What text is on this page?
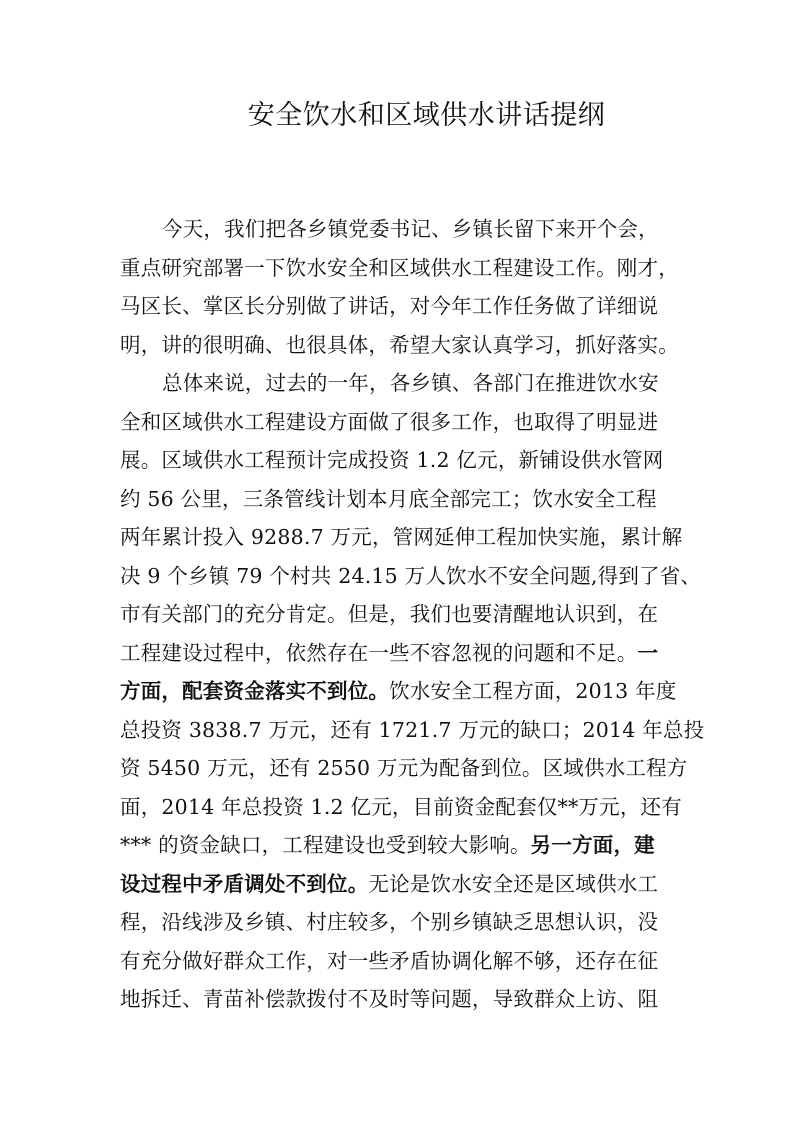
安全饮水和区域供水讲话提纲
今天，我们把各乡镇党委书记、乡镇长留下来开个会，
重点研究部署一下饮水安全和区域供水工程建设工作。刚才，
马区长、掌区长分别做了讲话，对今年工作任务做了详细说
明，讲的很明确、也很具体，希望大家认真学习，抓好落实。
总体来说，过去的一年，各乡镇、各部门在推进饮水安
全和区域供水工程建设方面做了很多工作，也取得了明显进
展。区域供水工程预计完成投资 1.2 亿元，新铺设供水管网
约 56 公里，三条管线计划本月底全部完工；饮水安全工程
两年累计投入 9288.7 万元，管网延伸工程加快实施，累计解
决 9 个乡镇 79 个村共 24.15 万人饮水不安全问题,得到了省、
市有关部门的充分肯定。但是，我们也要清醒地认识到，在
工程建设过程中，依然存在一些不容忽视的问题和不足。一
方面，配套资金落实不到位。饮水安全工程方面，2013 年度
总投资 3838.7 万元，还有 1721.7 万元的缺口；2014 年总投
资 5450 万元，还有 2550 万元为配备到位。区域供水工程方
面，2014 年总投资 1.2 亿元，目前资金配套仅**万元，还有
*** 的资金缺口，工程建设也受到较大影响。另一方面，建
设过程中矛盾调处不到位。无论是饮水安全还是区域供水工
程，沿线涉及乡镇、村庄较多，个别乡镇缺乏思想认识，没
有充分做好群众工作，对一些矛盾协调化解不够，还存在征
地拆迁、青苗补偿款拨付不及时等问题，导致群众上访、阻
